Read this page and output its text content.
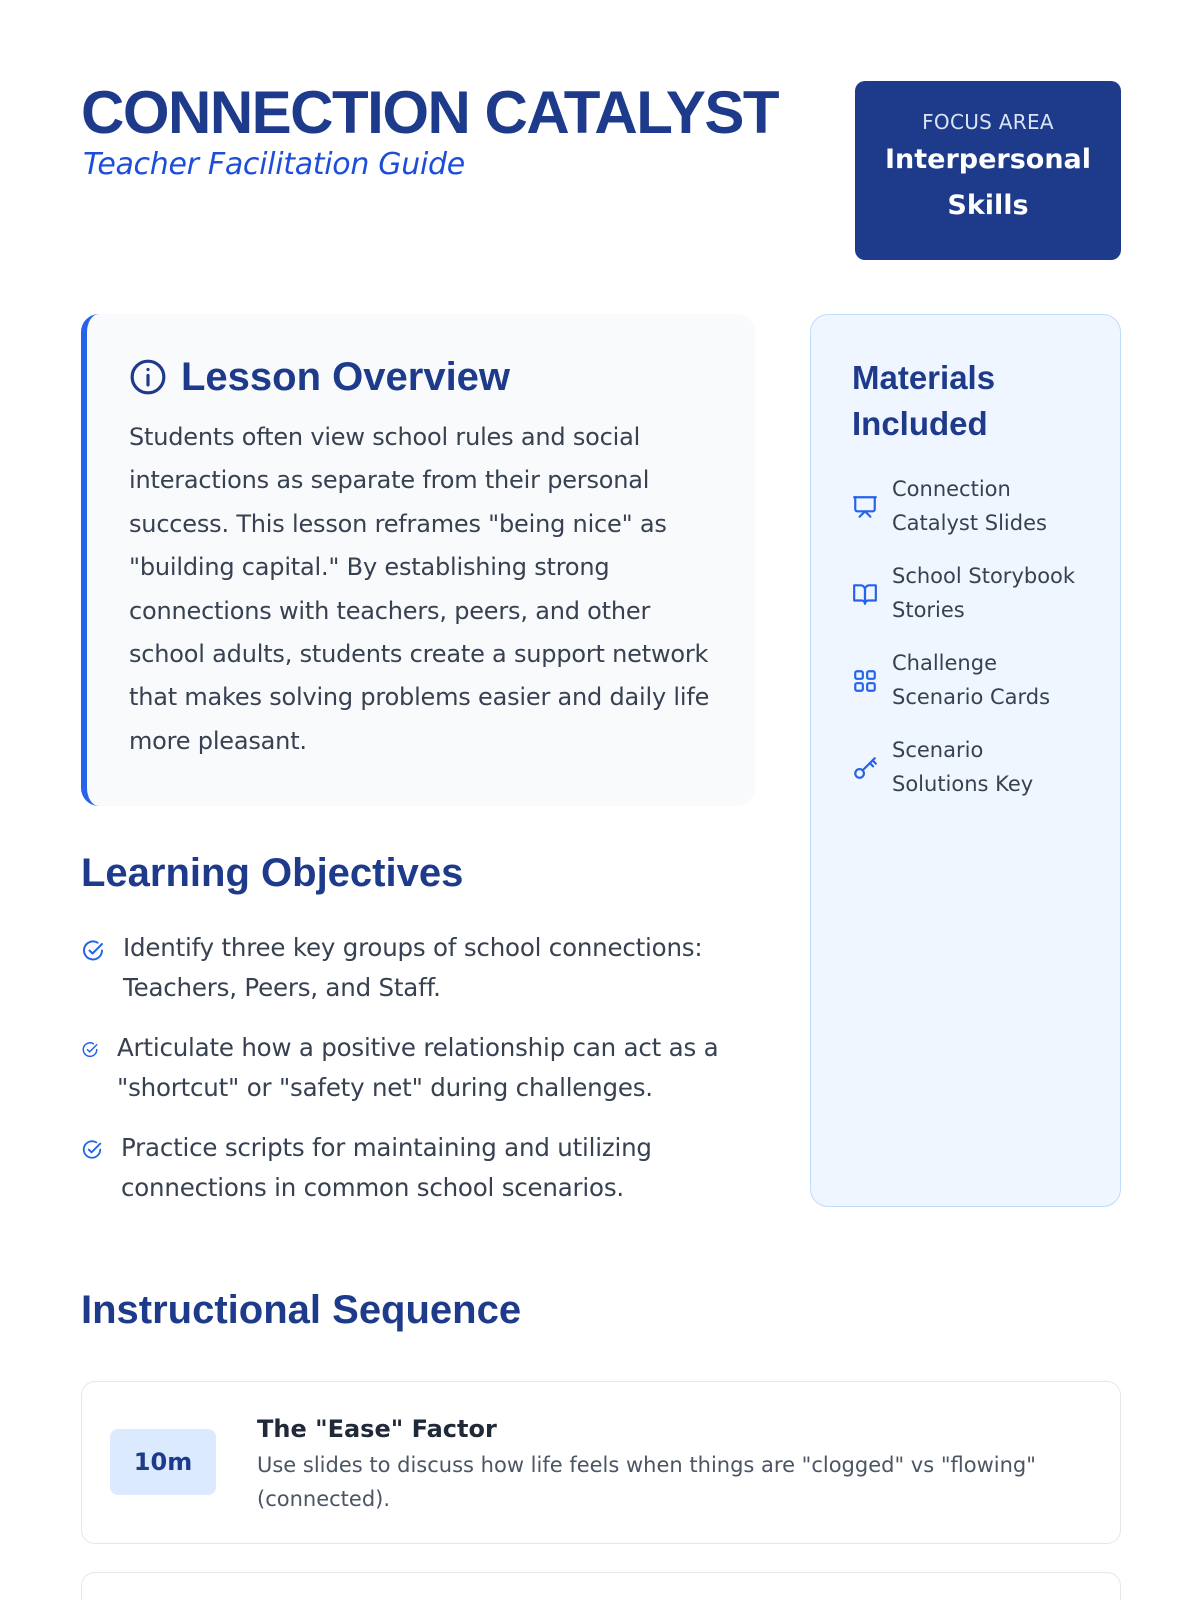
CONNECTION CATALYST
Teacher Facilitation Guide
FOCUS AREA
Interpersonal
Skills
Lesson Overview

Students often view school rules and social interactions as separate from their personal success. This lesson reframes "being nice" as "building capital." By establishing strong connections with teachers, peers, and other school adults, students create a support network that makes solving problems easier and daily life more pleasant.

Learning Objectives
Identify three key groups of school connections: Teachers, Peers, and Staff.
Articulate how a positive relationship can act as a "shortcut" or "safety net" during challenges.
Practice scripts for maintaining and utilizing connections in common school scenarios.
Materials
Included
Connection
Catalyst Slides
School Storybook
Stories
Challenge
Scenario Cards
Scenario
Solutions Key
Instructional Sequence
10m
The "Ease" Factor
Use slides to discuss how life feels when things are "clogged" vs "flowing" (connected).
